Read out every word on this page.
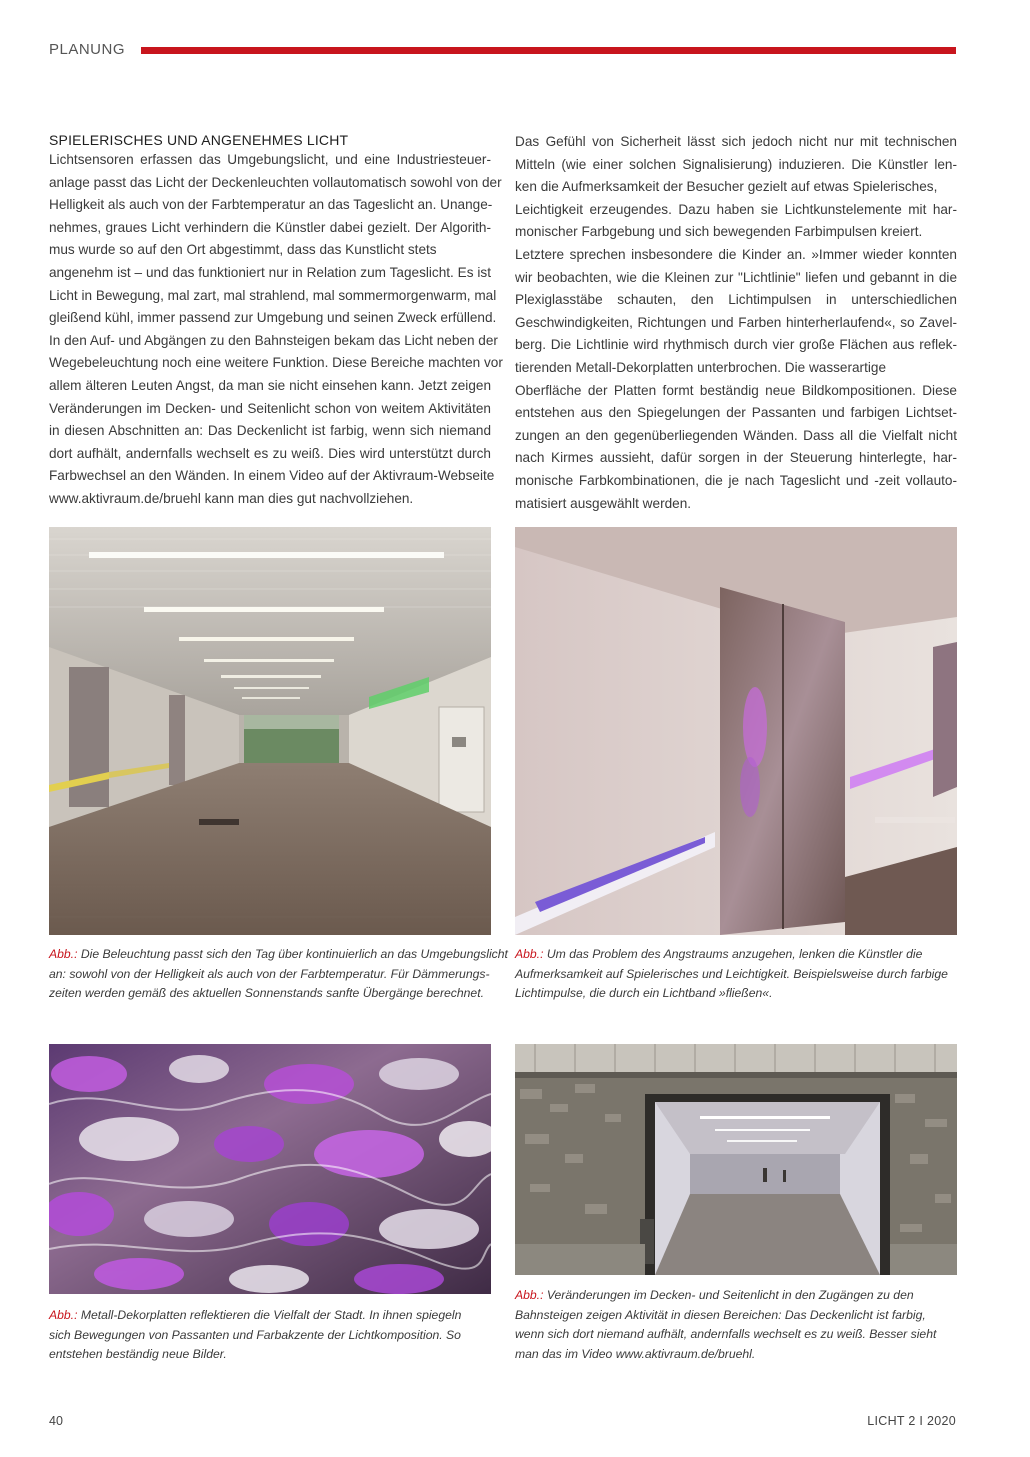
PLANUNG
SPIELERISCHES UND ANGENEHMES LICHT

Lichtsensoren erfassen das Umgebungslicht, und eine Industriesteuer-
anlage passt das Licht der Deckenleuchten vollautomatisch sowohl von der
Helligkeit als auch von der Farbtemperatur an das Tageslicht an. Unange-
nehmes, graues Licht verhindern die Künstler dabei gezielt. Der Algorith-
mus wurde so auf den Ort abgestimmt, dass das Kunstlicht stets
angenehm ist – und das funktioniert nur in Relation zum Tageslicht. Es ist
Licht in Bewegung, mal zart, mal strahlend, mal sommermorgenwarm, mal
gleißend kühl, immer passend zur Umgebung und seinen Zweck erfüllend.
In den Auf- und Abgängen zu den Bahnsteigen bekam das Licht neben der
Wegebeleuchtung noch eine weitere Funktion. Diese Bereiche machten vor
allem älteren Leuten Angst, da man sie nicht einsehen kann. Jetzt zeigen
Veränderungen im Decken- und Seitenlicht schon von weitem Aktivitäten
in diesen Abschnitten an: Das Deckenlicht ist farbig, wenn sich niemand
dort aufhält, andernfalls wechselt es zu weiß. Dies wird unterstützt durch
Farbwechsel an den Wänden. In einem Video auf der Aktivraum-Webseite
www.aktivraum.de/bruehl kann man dies gut nachvollziehen.

Das Gefühl von Sicherheit lässt sich jedoch nicht nur mit technischen
Mitteln (wie einer solchen Signalisierung) induzieren. Die Künstler len-
ken die Aufmerksamkeit der Besucher gezielt auf etwas Spielerisches,
Leichtigkeit erzeugendes. Dazu haben sie Lichtkunstelemente mit har-
monischer Farbgebung und sich bewegenden Farbimpulsen kreiert.
Letztere sprechen insbesondere die Kinder an. »Immer wieder konnten
wir beobachten, wie die Kleinen zur "Lichtlinie" liefen und gebannt in die
Plexiglasstäbe schauten, den Lichtimpulsen in unterschiedlichen
Geschwindigkeiten, Richtungen und Farben hinterherlaufend«, so Zavel-
berg. Die Lichtlinie wird rhythmisch durch vier große Flächen aus reflek-
tierenden Metall-Dekorplatten unterbrochen. Die wasserartige
Oberfläche der Platten formt beständig neue Bildkompositionen. Diese
entstehen aus den Spiegelungen der Passanten und farbigen Lichtset-
zungen an den gegenüberliegenden Wänden. Dass all die Vielfalt nicht
nach Kirmes aussieht, dafür sorgen in der Steuerung hinterlegte, har-
monische Farbkombinationen, die je nach Tageslicht und -zeit vollauto-
matisiert ausgewählt werden.

Abb.: Die Beleuchtung passt sich den Tag über kontinuierlich an das Umgebungslicht
an: sowohl von der Helligkeit als auch von der Farbtemperatur. Für Dämmerungs-
zeiten werden gemäß des aktuellen Sonnenstands sanfte Übergänge berechnet.
Abb.: Um das Problem des Angstraums anzugehen, lenken die Künstler die
Aufmerksamkeit auf Spielerisches und Leichtigkeit. Beispielsweise durch farbige
Lichtimpulse, die durch ein Lichtband »fließen«.
Abb.: Metall-Dekorplatten reflektieren die Vielfalt der Stadt. In ihnen spiegeln
sich Bewegungen von Passanten und Farbakzente der Lichtkomposition. So
entstehen beständig neue Bilder.
Abb.: Veränderungen im Decken- und Seitenlicht in den Zugängen zu den
Bahnsteigen zeigen Aktivität in diesen Bereichen: Das Deckenlicht ist farbig,
wenn sich dort niemand aufhält, andernfalls wechselt es zu weiß. Besser sieht
man das im Video www.aktivraum.de/bruehl.
40	LICHT 2 I 2020
